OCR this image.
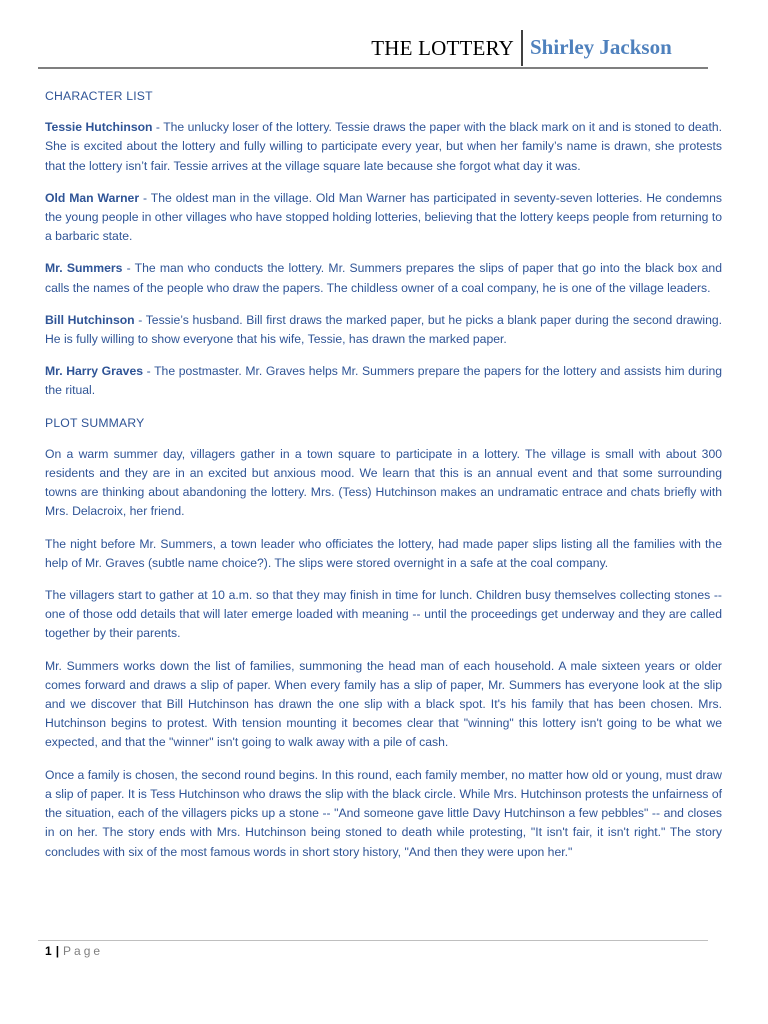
THE LOTTERY Shirley Jackson
CHARACTER LIST

Tessie Hutchinson - The unlucky loser of the lottery. Tessie draws the paper with the black mark on it and is stoned to death. She is excited about the lottery and fully willing to participate every year, but when her family’s name is drawn, she protests that the lottery isn’t fair. Tessie arrives at the village square late because she forgot what day it was.

Old Man Warner - The oldest man in the village. Old Man Warner has participated in seventy-seven lotteries. He condemns the young people in other villages who have stopped holding lotteries, believing that the lottery keeps people from returning to a barbaric state.

Mr. Summers - The man who conducts the lottery. Mr. Summers prepares the slips of paper that go into the black box and calls the names of the people who draw the papers. The childless owner of a coal company, he is one of the village leaders.

Bill Hutchinson - Tessie’s husband. Bill first draws the marked paper, but he picks a blank paper during the second drawing. He is fully willing to show everyone that his wife, Tessie, has drawn the marked paper.

Mr. Harry Graves - The postmaster. Mr. Graves helps Mr. Summers prepare the papers for the lottery and assists him during the ritual.

PLOT SUMMARY

On a warm summer day, villagers gather in a town square to participate in a lottery. The village is small with about 300 residents and they are in an excited but anxious mood. We learn that this is an annual event and that some surrounding towns are thinking about abandoning the lottery. Mrs. (Tess) Hutchinson makes an undramatic entrace and chats briefly with Mrs. Delacroix, her friend.

The night before Mr. Summers, a town leader who officiates the lottery, had made paper slips listing all the families with the help of Mr. Graves (subtle name choice?). The slips were stored overnight in a safe at the coal company.

The villagers start to gather at 10 a.m. so that they may finish in time for lunch. Children busy themselves collecting stones -- one of those odd details that will later emerge loaded with meaning -- until the proceedings get underway and they are called together by their parents.

Mr. Summers works down the list of families, summoning the head man of each household. A male sixteen years or older comes forward and draws a slip of paper. When every family has a slip of paper, Mr. Summers has everyone look at the slip and we discover that Bill Hutchinson has drawn the one slip with a black spot. It's his family that has been chosen. Mrs. Hutchinson begins to protest. With tension mounting it becomes clear that "winning" this lottery isn't going to be what we expected, and that the "winner" isn't going to walk away with a pile of cash.

Once a family is chosen, the second round begins. In this round, each family member, no matter how old or young, must draw a slip of paper. It is Tess Hutchinson who draws the slip with the black circle. While Mrs. Hutchinson protests the unfairness of the situation, each of the villagers picks up a stone -- "And someone gave little Davy Hutchinson a few pebbles" -- and closes in on her. The story ends with Mrs. Hutchinson being stoned to death while protesting, "It isn't fair, it isn't right." The story concludes with six of the most famous words in short story history, "And then they were upon her."

1 | Page
